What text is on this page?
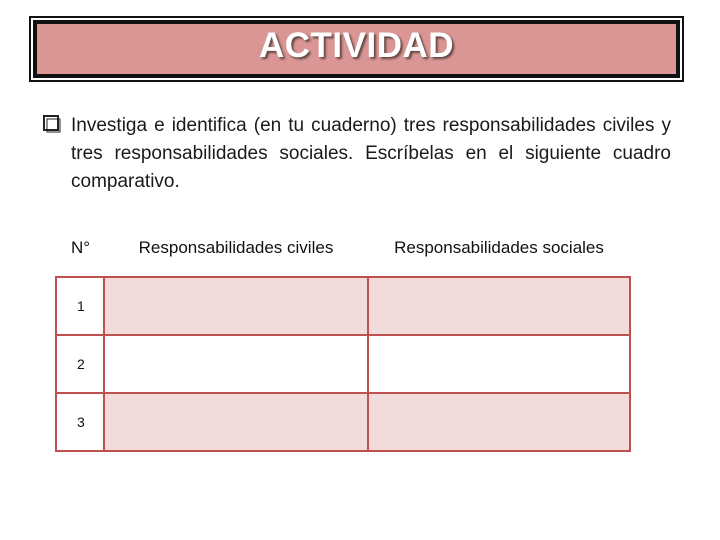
ACTIVIDAD
Investiga e identifica (en tu cuaderno) tres responsabilidades civiles y tres responsabilidades sociales. Escríbelas en el siguiente cuadro comparativo.
N°	Responsabilidades civiles	Responsabilidades sociales
1		
2		
3		
